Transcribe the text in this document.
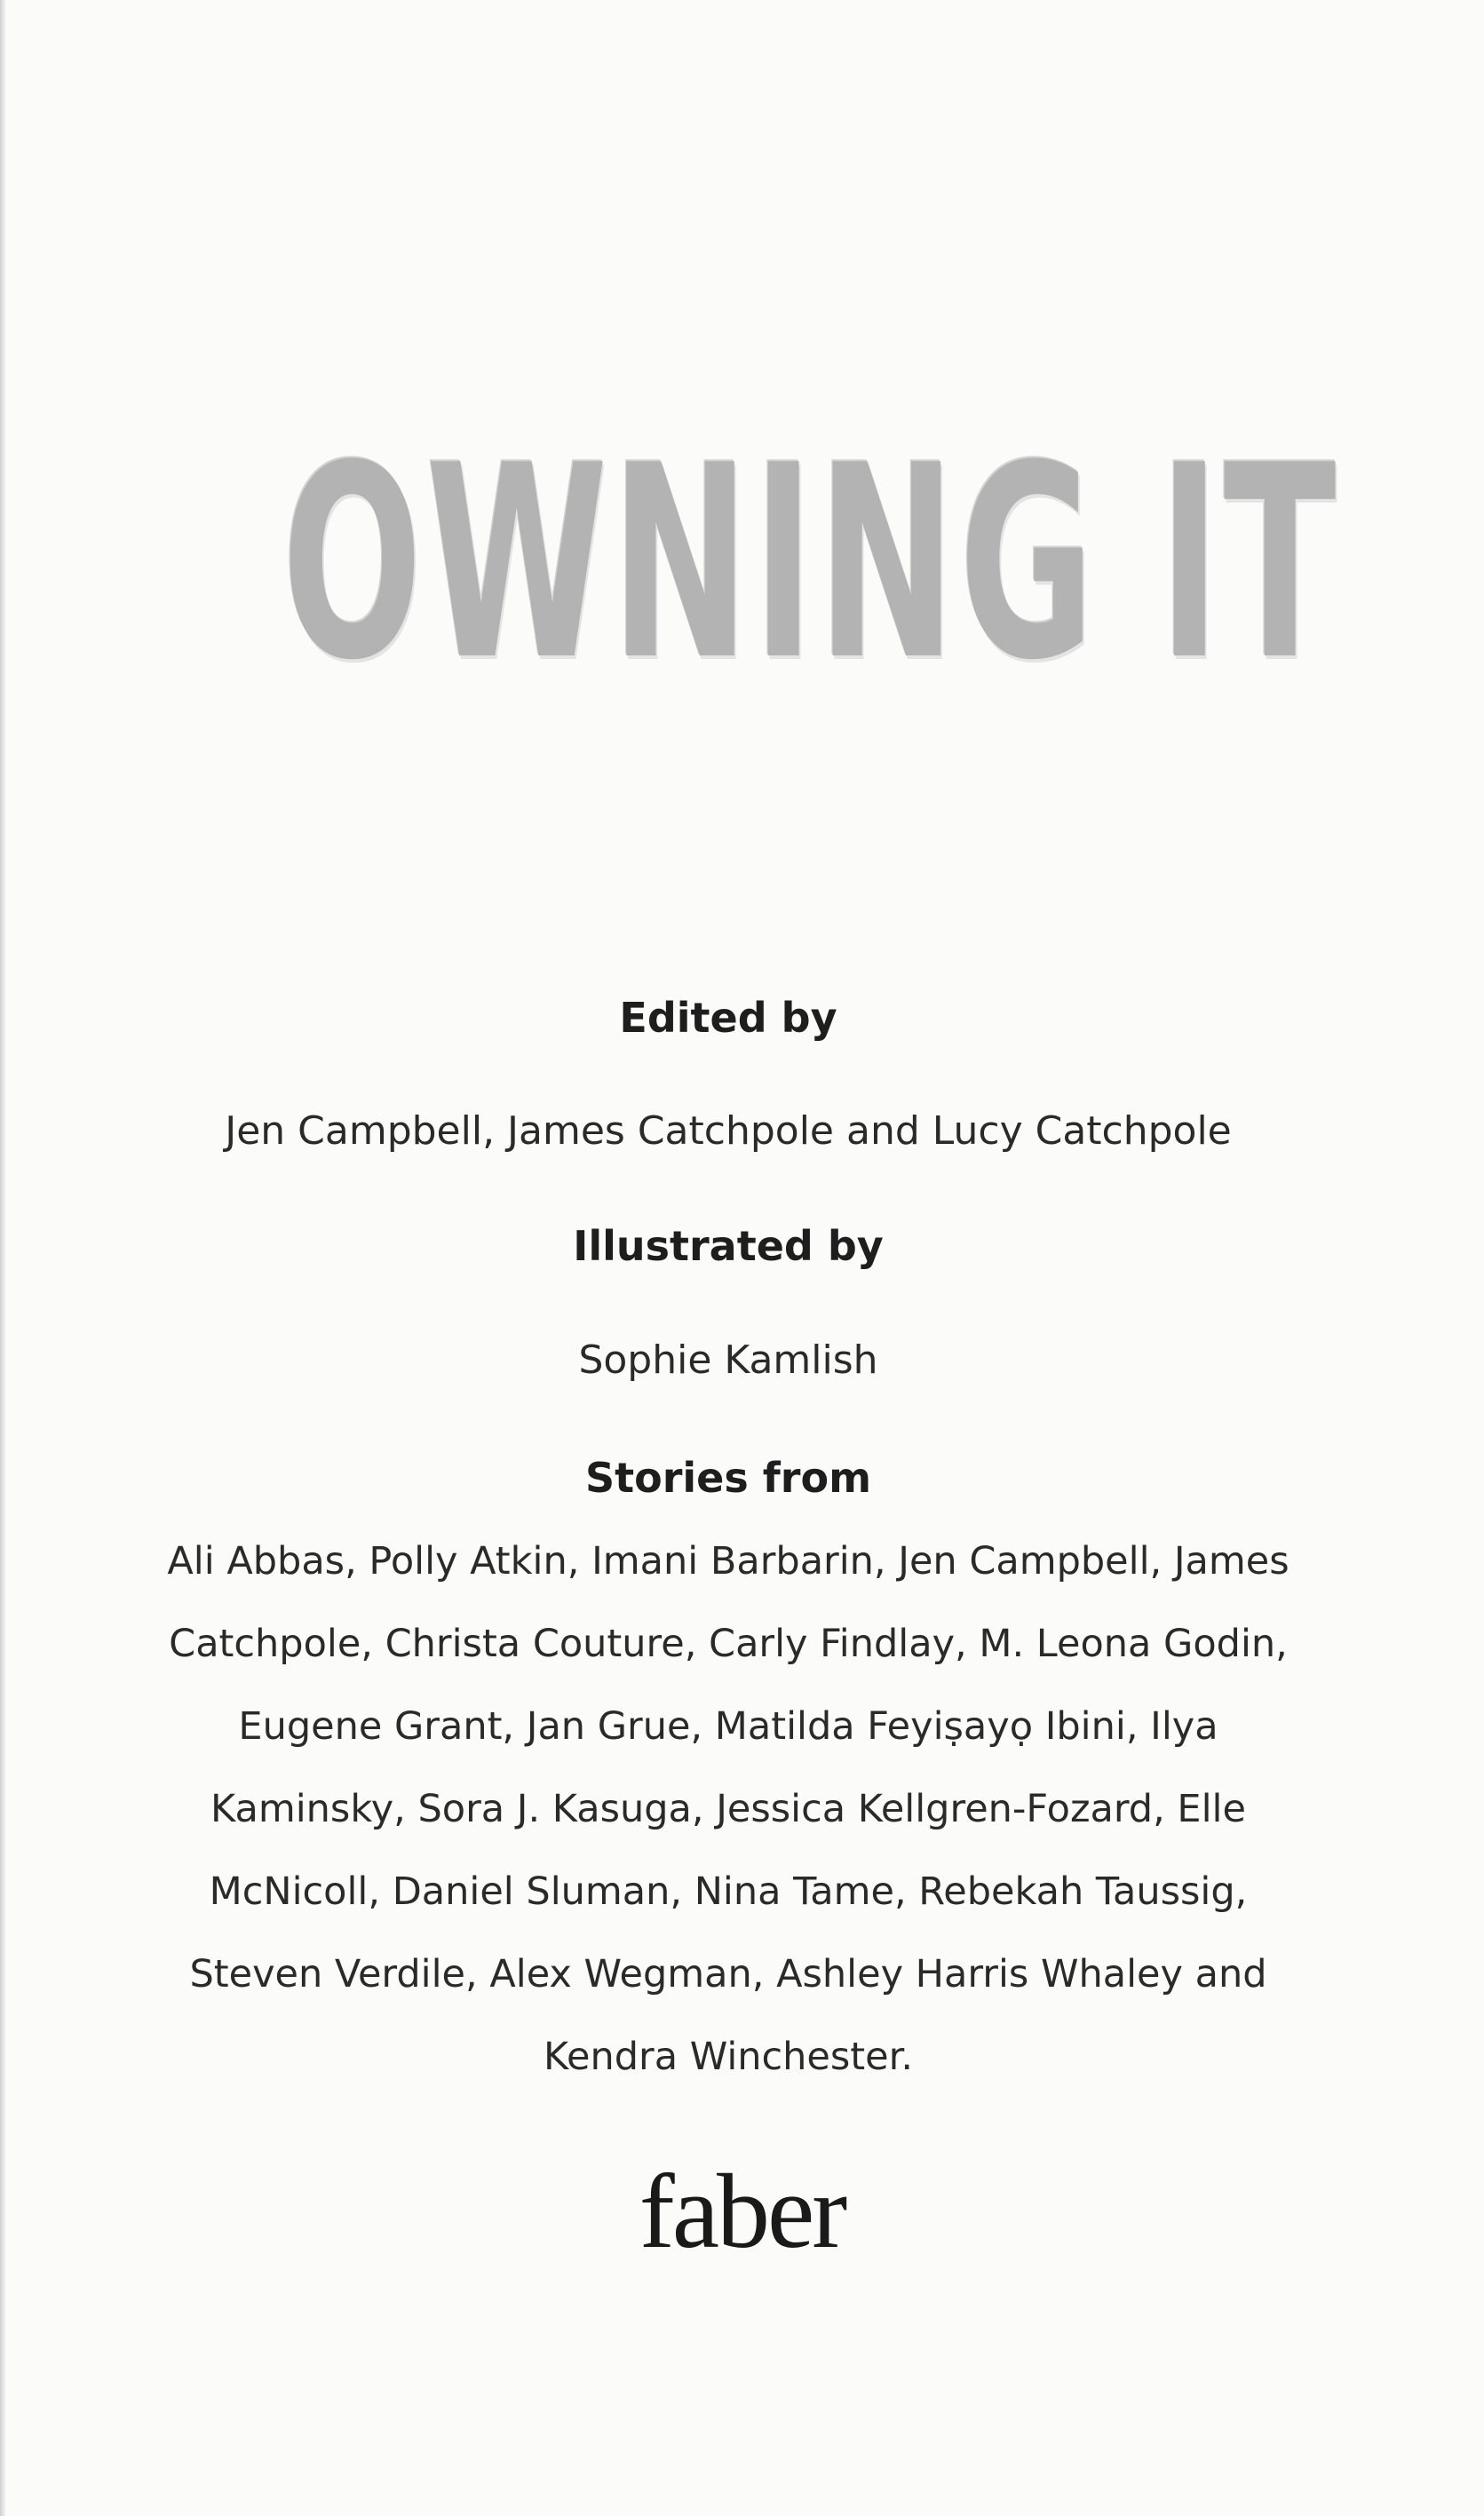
OWNING IT
Edited by
Jen Campbell, James Catchpole and Lucy Catchpole
Illustrated by
Sophie Kamlish
Stories from
Ali Abbas, Polly Atkin, Imani Barbarin, Jen Campbell, James Catchpole, Christa Couture, Carly Findlay, M. Leona Godin, Eugene Grant, Jan Grue, Matilda Feyiṣayọ Ibini, Ilya Kaminsky, Sora J. Kasuga, Jessica Kellgren-Fozard, Elle McNicoll, Daniel Sluman, Nina Tame, Rebekah Taussig, Steven Verdile, Alex Wegman, Ashley Harris Whaley and Kendra Winchester.
faber
